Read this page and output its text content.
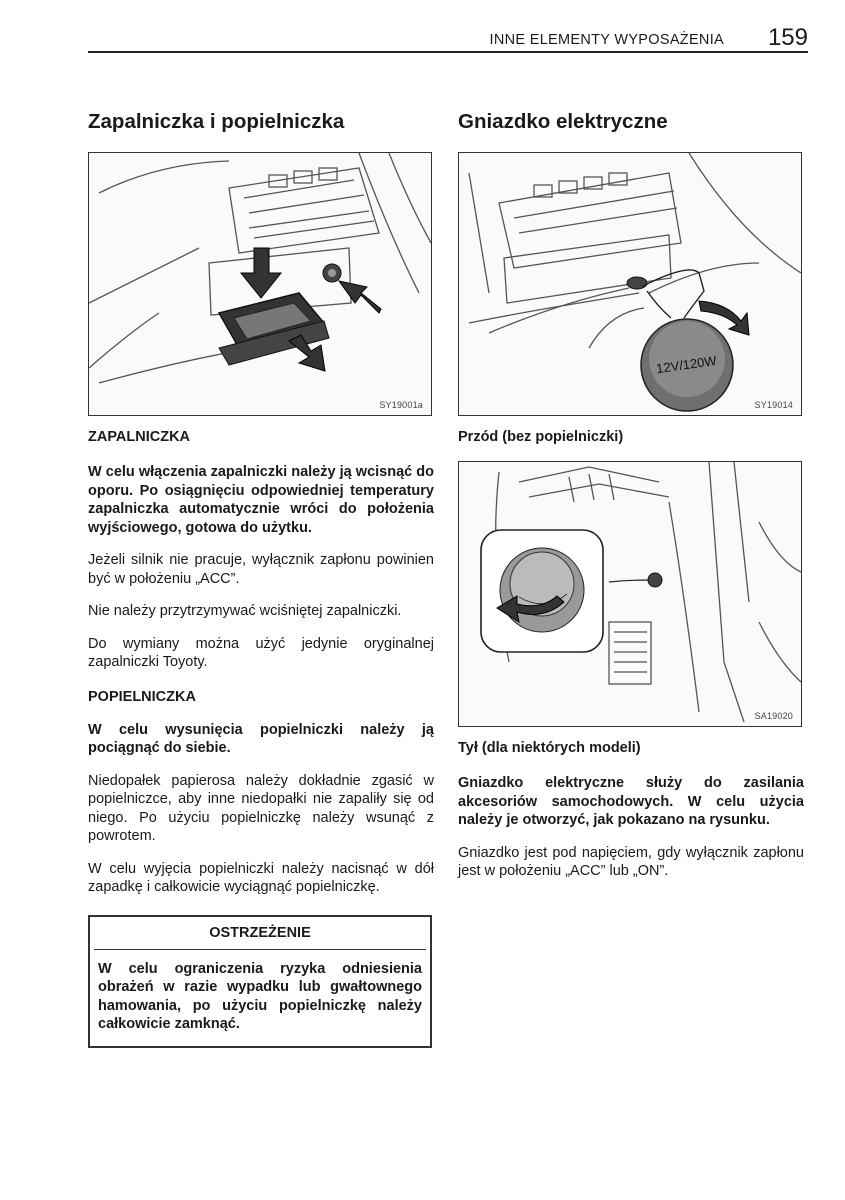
INNE ELEMENTY WYPOSAŻENIA 159
Zapalniczka i popielniczka
SY19001a
ZAPALNICZKA

W celu włączenia zapalniczki należy ją wcisnąć do oporu. Po osiągnięciu odpowiedniej temperatury zapalniczka automatycznie wróci do położenia wyjściowego, gotowa do użytku.

Jeżeli silnik nie pracuje, wyłącznik zapłonu powinien być w położeniu „ACC”.

Nie należy przytrzymywać wciśniętej zapalniczki.

Do wymiany można użyć jedynie oryginalnej zapalniczki Toyoty.

POPIELNICZKA

W celu wysunięcia popielniczki należy ją pociągnąć do siebie.

Niedopałek papierosa należy dokładnie zgasić w popielniczce, aby inne niedopałki nie zapaliły się od niego. Po użyciu popielniczkę należy wsunąć z powrotem.

W celu wyjęcia popielniczki należy nacisnąć w dół zapadkę i całkowicie wyciągnąć popielniczkę.

OSTRZEŻENIE
W celu ograniczenia ryzyka odniesienia obrażeń w razie wypadku lub gwałtownego hamowania, po użyciu popielniczkę należy całkowicie zamknąć.
Gniazdko elektryczne
12V/120W
SY19014
Przód (bez popielniczki)
SA19020
Tył (dla niektórych modeli)

Gniazdko elektryczne służy do zasilania akcesoriów samochodowych. W celu użycia należy je otworzyć, jak pokazano na rysunku.

Gniazdko jest pod napięciem, gdy wyłącznik zapłonu jest w położeniu „ACC” lub „ON”.
